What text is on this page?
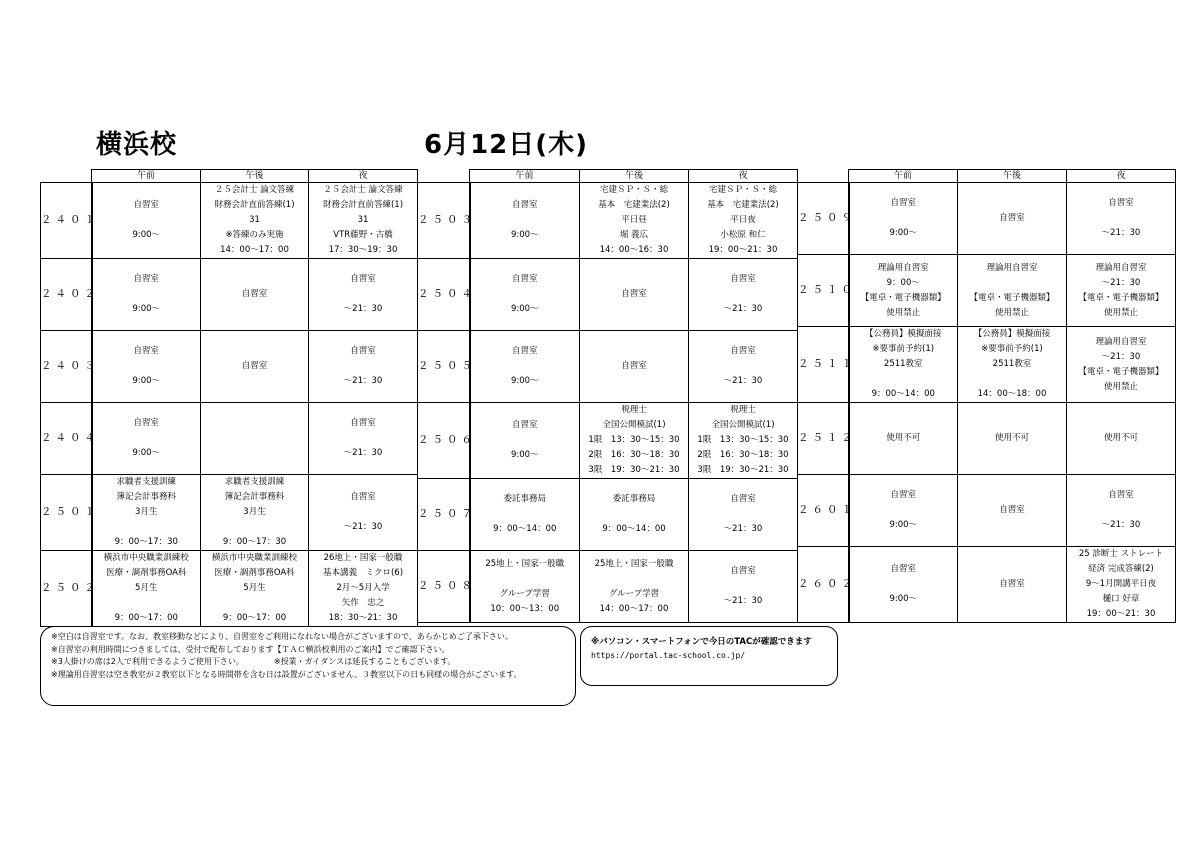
横浜校	6月12日(木)
	午前	午後	夜
２４０１	自習室

9:00～	２５会計士 論文答練
財務会計直前答練(1)
31
※答練のみ実施
14：00～17：00	２５会計士 論文答練
財務会計直前答練(1)
31
VTR藤野・古橋
17：30～19：30

２４０２	自習室

9:00～	自習室	自習室

～21：30

２４０３	自習室

9:00～	自習室	自習室

～21：30

２４０４	自習室

9:00～		自習室

～21：30

２５０１	求職者支援訓練
簿記会計事務科
3月生

9：00～17：30	求職者支援訓練
簿記会計事務科
3月生

9：00～17：30	自習室

～21：30

２５０２	横浜市中央職業訓練校
医療・調剤事務OA科
5月生

9：00～17：00	横浜市中央職業訓練校
医療・調剤事務OA科
5月生

9：00～17：00	26地上・国家一般職
基本講義　ミクロ(6)
2月～5月入学
矢作　忠之
18：30～21：30
	午前	午後	夜
２５０３	自習室

9:00～	宅建ＳＰ・Ｓ・総
基本　宅建業法(2)
平日昼
堀 義広
14：00～16：30	宅建ＳＰ・Ｓ・総
基本　宅建業法(2)
平日夜
小松原 和仁
19：00～21：30

２５０４	自習室

9:00～	自習室	自習室

～21：30

２５０５	自習室

9:00～	自習室	自習室

～21：30

２５０６	自習室

9:00～	税理士
全国公開模試(1)
1限　13：30～15：30
2限　16：30～18：30
3限　19：30～21：30	税理士
全国公開模試(1)
1限　13：30～15：30
2限　16：30～18：30
3限　19：30～21：30

２５０７	委託事務局

9：00～14：00	委託事務局

9：00～14：00	自習室

～21：30

２５０８	25地上・国家一般職

グループ学習
10：00～13：00	25地上・国家一般職

グループ学習
14：00～17：00	自習室

～21：30
	午前	午後	夜
２５０９	自習室

9:00～	自習室	自習室

～21：30

２５１０	理論用自習室
9：00～
【電卓・電子機器類】
使用禁止	理論用自習室

【電卓・電子機器類】
使用禁止	理論用自習室
～21：30
【電卓・電子機器類】
使用禁止

２５１１	【公務員】模擬面接
※要事前予約(1)
2511教室

9：00～14：00	【公務員】模擬面接
※要事前予約(1)
2511教室

14：00～18：00	理論用自習室
～21：30
【電卓・電子機器類】
使用禁止

２５１２	使用不可	使用不可	使用不可

２６０１	自習室

9:00～	自習室	自習室

～21：30

２６０２	自習室

9:00～	自習室	25 診断士 ストレート
経済 完成答練(2)
9～1月開講平日夜
樋口 好章
19：00～21：30
※空白は自習室です。なお、教室移動などにより、自習室をご利用になれない場合がございますので、あらかじめご了承下さい。
※自習室の利用時間につきましては、受付で配布しております【ＴＡＣ横浜校利用のご案内】でご確認下さい。
※3人掛けの席は2人で利用できるようご使用下さい。	※授業・ガイダンスは延長することもございます。
※理論用自習室は空き教室が２教室以下となる時間帯を含む日は設置がございません、３教室以下の日も同様の場合がございます。
※パソコン・スマートフォンで今日のTACが確認できます
https://portal.tac-school.co.jp/
